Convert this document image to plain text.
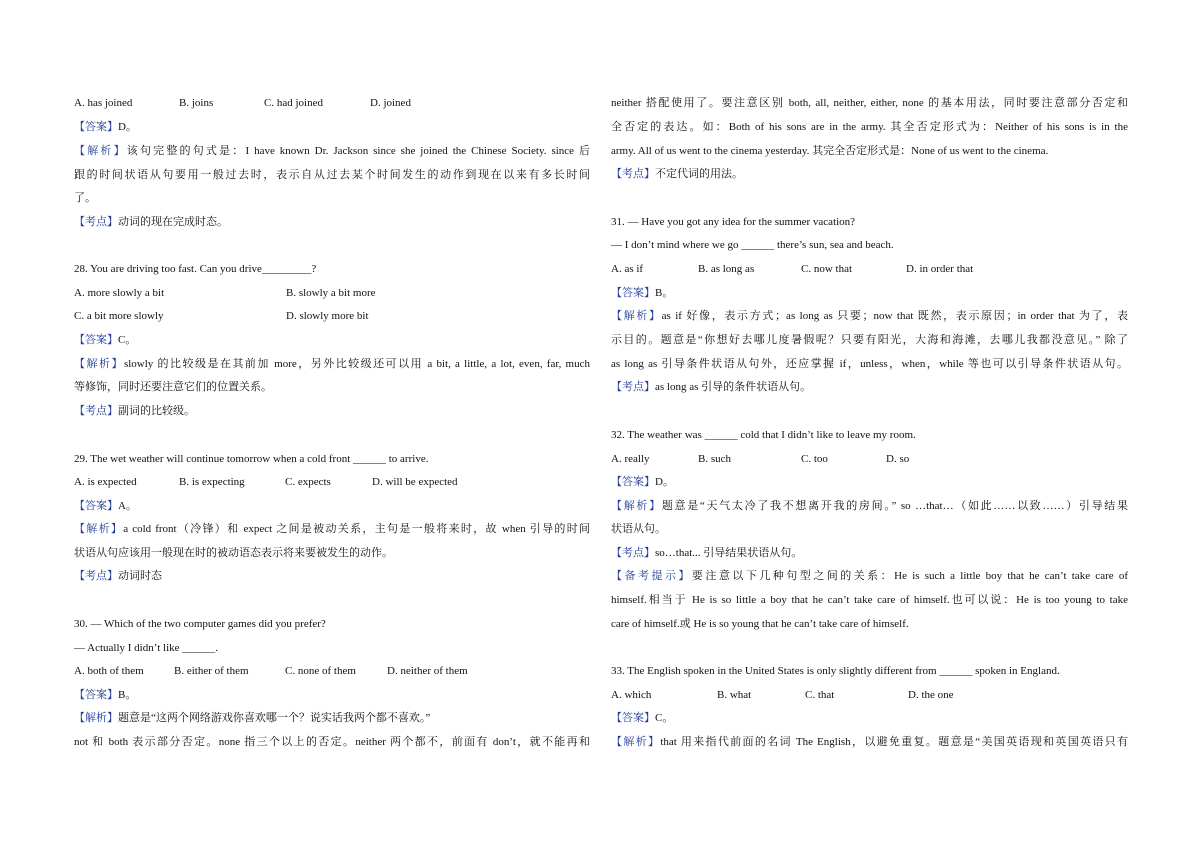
A. has joined	B. joins	C. had joined	D. joined
【答案】D。
【解析】该句完整的句式是：I have known Dr. Jackson since she joined the Chinese Society. since 后
跟的时间状语从句要用一般过去时，表示自从过去某个时间发生的动作到现在以来有多长时间
了。
【考点】动词的现在完成时态。
28. You are driving too fast. Can you drive_________?
A. more slowly a bit	B. slowly a bit more
C. a bit more slowly	D. slowly more bit
【答案】C。
【解析】slowly 的比较级是在其前加 more，另外比较级还可以用 a bit, a little, a lot, even, far, much
等修饰，同时还要注意它们的位置关系。
【考点】副词的比较级。
29. The wet weather will continue tomorrow when a cold front ______ to arrive.
A. is expected	B. is expecting	C. expects	D. will be expected
【答案】A。
【解析】a cold front（冷锋）和 expect 之间是被动关系，主句是一般将来时，故 when 引导的时间
状语从句应该用一般现在时的被动语态表示将来要被发生的动作。
【考点】动词时态
30. — Which of the two computer games did you prefer?
— Actually I didn’t like ______.
A. both of them	B. either of them	C. none of them	D. neither of them
【答案】B。
【解析】题意是“这两个网络游戏你喜欢哪一个？说实话我两个都不喜欢。”
not 和 both 表示部分否定。none 指三个以上的否定。neither 两个都不，前面有 don’t，就不能再和
neither 搭配使用了。要注意区别 both, all, neither, either, none 的基本用法，同时要注意部分否定和
全否定的表达。如：Both of his sons are in the army. 其全否定形式为：Neither of his sons is in the
army. All of us went to the cinema yesterday. 其完全否定形式是：None of us went to the cinema.
【考点】不定代词的用法。
31. — Have you got any idea for the summer vacation?
— I don’t mind where we go ______ there’s sun, sea and beach.
A. as if	B. as long as	C. now that	D. in order that
【答案】B。
【解析】as if 好像，表示方式；as long as 只要；now that 既然，表示原因；in order that 为了，表
示目的。题意是“你想好去哪儿度暑假呢？只要有阳光，大海和海滩，去哪儿我都没意见。” 除了
as long as 引导条件状语从句外，还应掌握 if，unless，when，while 等也可以引导条件状语从句。
【考点】as long as 引导的条件状语从句。
32. The weather was ______ cold that I didn’t like to leave my room.
A. really	B. such	C. too	D. so
【答案】D。
【解析】题意是“天气太冷了我不想离开我的房间。” so …that…（如此……以致……）引导结果
状语从句。
【考点】so…that... 引导结果状语从句。
【备考提示】要注意以下几种句型之间的关系：He is such a little boy that he can’t take care of
himself.相当于 He is so little a boy that he can’t take care of himself.也可以说：He is too young to take
care of himself.或 He is so young that he can’t take care of himself.
33. The English spoken in the United States is only slightly different from ______ spoken in England.
A. which	B. what	C. that	D. the one
【答案】C。
【解析】that 用来指代前面的名词 The English，以避免重复。题意是“美国英语现和英国英语只有
